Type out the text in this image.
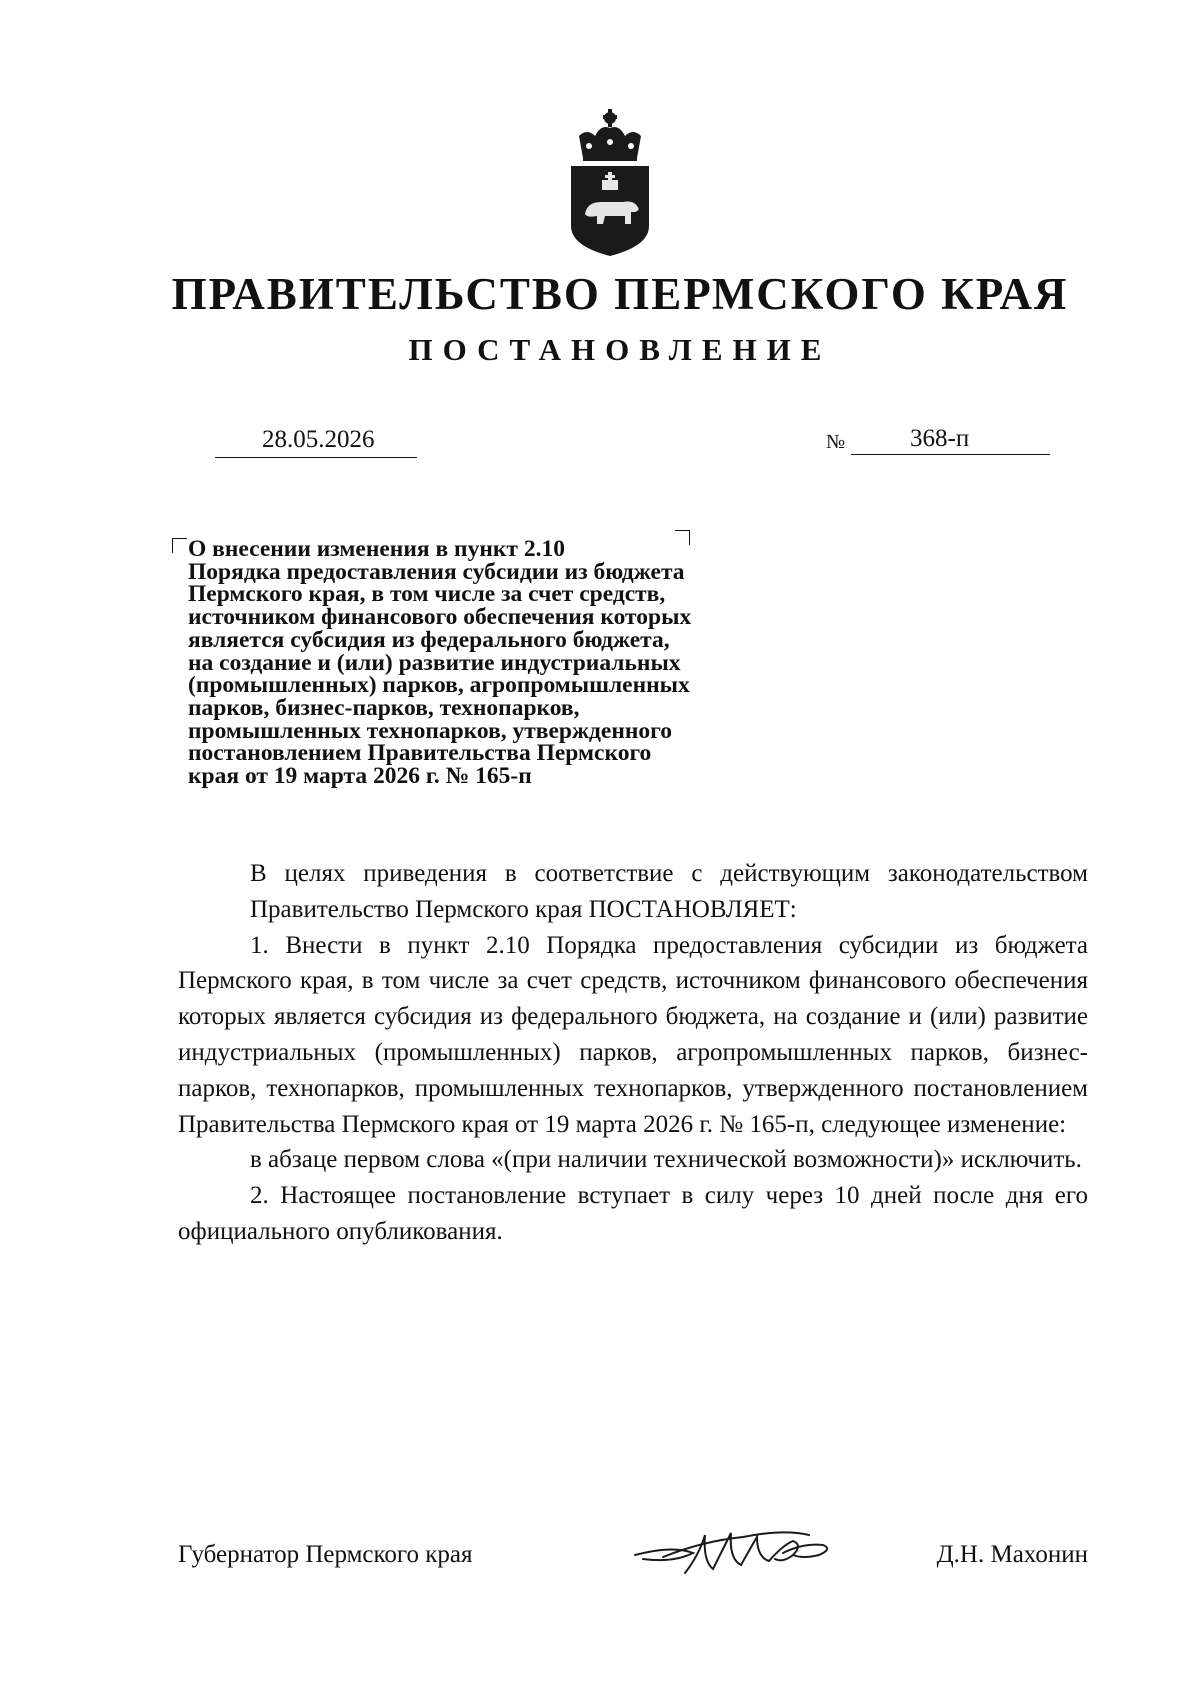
ПРАВИТЕЛЬСТВО ПЕРМСКОГО КРАЯ
ПОСТАНОВЛЕНИЕ
28.05.2026	№	368-п
О внесении изменения в пункт 2.10
Порядка предоставления субсидии из бюджета
Пермского края, в том числе за счет средств,
источником финансового обеспечения которых
является субсидия из федерального бюджета,
на создание и (или) развитие индустриальных
(промышленных) парков, агропромышленных
парков, бизнес-парков, технопарков,
промышленных технопарков, утвержденного
постановлением Правительства Пермского
края от 19 марта 2026 г. № 165-п

В целях приведения в соответствие с действующим законодательством

Правительство Пермского края ПОСТАНОВЛЯЕТ:

1. Внести в пункт 2.10 Порядка предоставления субсидии из бюджета Пермского края, в том числе за счет средств, источником финансового обеспечения которых является субсидия из федерального бюджета, на создание и (или) развитие индустриальных (промышленных) парков, агропромышленных парков, бизнес-парков, технопарков, промышленных технопарков, утвержденного постановлением Правительства Пермского края от 19 марта 2026 г. № 165-п, следующее изменение:

в абзаце первом слова «(при наличии технической возможности)» исключить.

2. Настоящее постановление вступает в силу через 10 дней после дня его официального опубликования.

Губернатор Пермского края	Д.Н. Махонин
